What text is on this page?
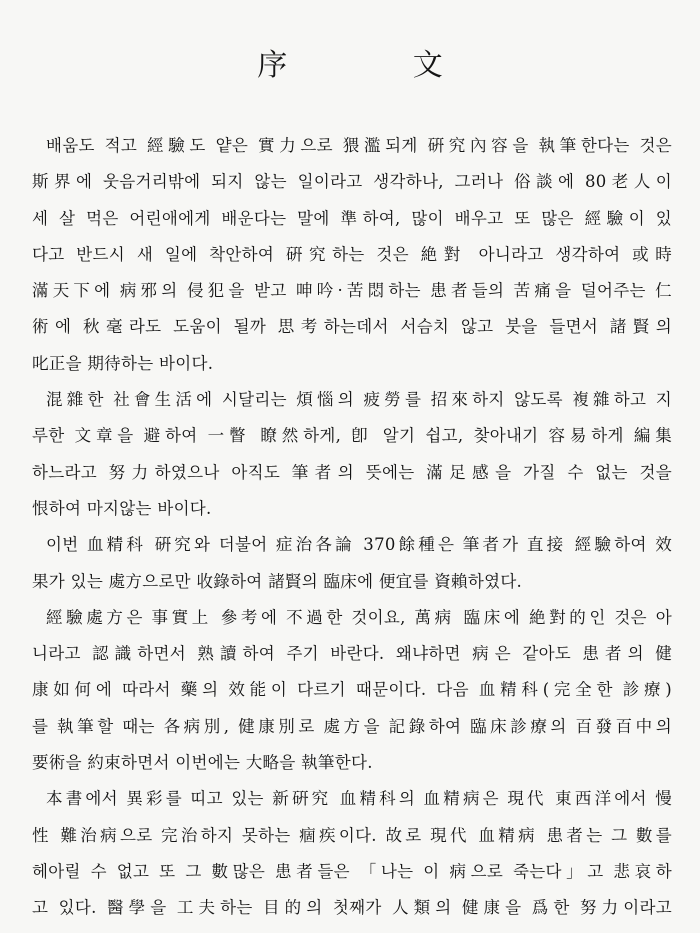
序 文

배움도 적고 經驗도 얕은 實力으로 猥濫되게 硏究內容을 執筆한다는 것은
斯界에 웃음거리밖에 되지 않는 일이라고 생각하나, 그러나 俗談에 80老人이
세 살 먹은 어린애에게 배운다는 말에 準하여, 많이 배우고 또 많은 經驗이 있
다고 반드시 새 일에 착안하여 硏究하는 것은 絶對 아니라고 생각하여 或時
滿天下에 病邪의 侵犯을 받고 呻吟·苦悶하는 患者들의 苦痛을 덜어주는 仁
術에 秋毫라도 도움이 될까 思考하는데서 서슴치 않고 붓을 들면서 諸賢의
叱正을 期待하는 바이다.

混雜한 社會生活에 시달리는 煩惱의 疲勞를 招來하지 않도록 複雜하고 지
루한 文章을 避하여 一瞥 瞭然하게, 卽 알기 쉽고, 찾아내기 容易하게 編集
하느라고 努力하였으나 아직도 筆者의 뜻에는 滿足感을 가질 수 없는 것을
恨하여 마지않는 바이다.

이번 血精科 硏究와 더불어 症治各論 370餘種은 筆者가 直接 經驗하여 效
果가 있는 處方으로만 收錄하여 諸賢의 臨床에 便宜를 資賴하였다.

經驗處方은 事實上 參考에 不過한 것이요, 萬病 臨床에 絶對的인 것은 아
니라고 認識하면서 熟讀하여 주기 바란다. 왜냐하면 病은 같아도 患者의 健
康如何에 따라서 藥의 效能이 다르기 때문이다. 다음 血精科(完全한 診療)
를 執筆할 때는 各病別, 健康別로 處方을 記錄하여 臨床診療의 百發百中의
要術을 約束하면서 이번에는 大略을 執筆한다.

本書에서 異彩를 띠고 있는 新硏究 血精科의 血精病은 現代 東西洋에서 慢
性 難治病으로 完治하지 못하는 痼疾이다. 故로 現代 血精病 患者는 그 數를
헤아릴 수 없고 또 그 數많은 患者들은 「나는 이 病으로 죽는다」고 悲哀하
고 있다. 醫學을 工夫하는 目的의 첫째가 人類의 健康을 爲한 努力이라고
